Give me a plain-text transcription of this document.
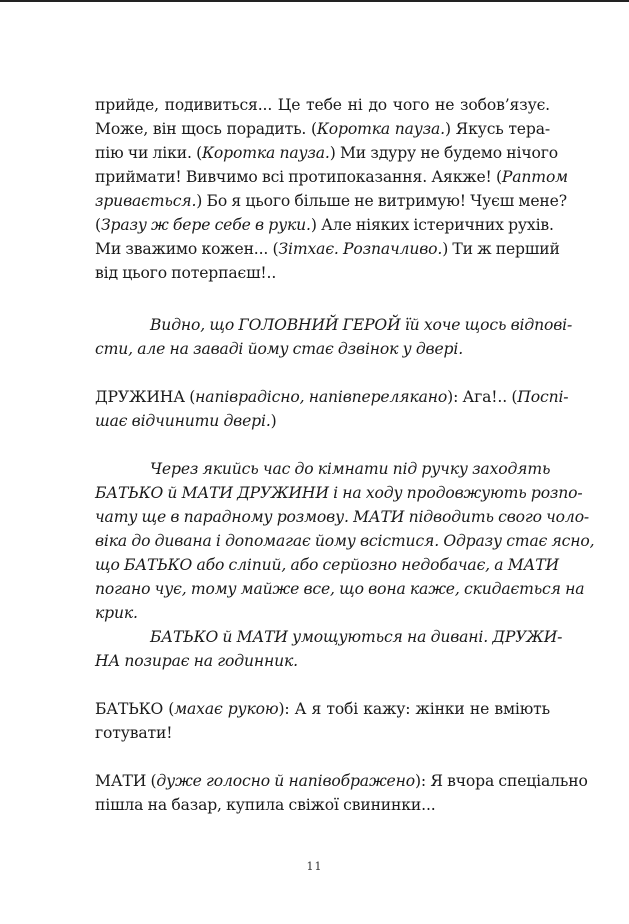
прийде, подивиться... Це тебе ні до чого не зобов’язує.
Може, він щось порадить. (Коротка пауза.) Якусь тера-
пію чи ліки. (Коротка пауза.) Ми здуру не будемо нічого
приймати! Вивчимо всі протипоказання. Аякже! (Раптом
зривається.) Бо я цього більше не витримую! Чуєш мене?
(Зразу ж бере себе в руки.) Але ніяких істеричних рухів.
Ми зважимо кожен... (Зітхає. Розпачливо.) Ти ж перший
від цього потерпаєш!..
Видно, що ГОЛОВНИЙ ГЕРОЙ їй хоче щось відпові-
сти, але на заваді йому стає дзвінок у двері.
ДРУЖИНА (напіврадісно, напівперелякано): Ага!.. (Поспі-
шає відчинити двері.)
Через якийсь час до кімнати під ручку заходять
БАТЬКО й МАТИ ДРУЖИНИ і на ходу продовжують розпо-
чату ще в парадному розмову. МАТИ підводить свого чоло-
віка до дивана і допомагає йому всістися. Одразу стає ясно,
що БАТЬКО або сліпий, або серйозно недобачає, а МАТИ
погано чує, тому майже все, що вона каже, скидається на
крик.
БАТЬКО й МАТИ умощуються на дивані. ДРУЖИ-
НА позирає на годинник.
БАТЬКО (махає рукою): А я тобі кажу: жінки не вміють
готувати!
МАТИ (дуже голосно й напівображено): Я вчора спеціально
пішла на базар, купила свіжої свининки...
11
